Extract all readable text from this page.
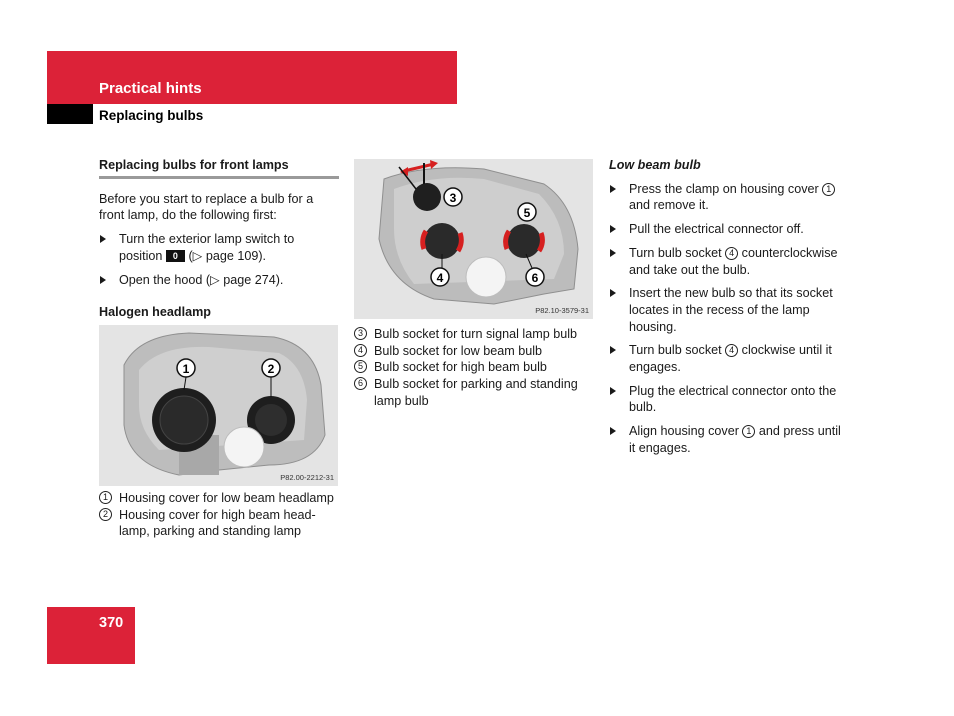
Practical hints
Replacing bulbs
Replacing bulbs for front lamps
Before you start to replace a bulb for a front lamp, do the following first:
Turn the exterior lamp switch to position 0 (▷ page 109).
Open the hood (▷ page 274).
Halogen headlamp
1	2
P82.00-2212-31
1 Housing cover for low beam headlamp
2 Housing cover for high beam head-lamp, parking and standing lamp
3
5
4	6
P82.10-3579-31
3 Bulb socket for turn signal lamp bulb
4 Bulb socket for low beam bulb
5 Bulb socket for high beam bulb
6 Bulb socket for parking and standing lamp bulb
Low beam bulb
Press the clamp on housing cover 1 and remove it.
Pull the electrical connector off.
Turn bulb socket 4 counterclockwise and take out the bulb.
Insert the new bulb so that its socket locates in the recess of the lamp housing.
Turn bulb socket 4 clockwise until it engages.
Plug the electrical connector onto the bulb.
Align housing cover 1 and press until it engages.
370
